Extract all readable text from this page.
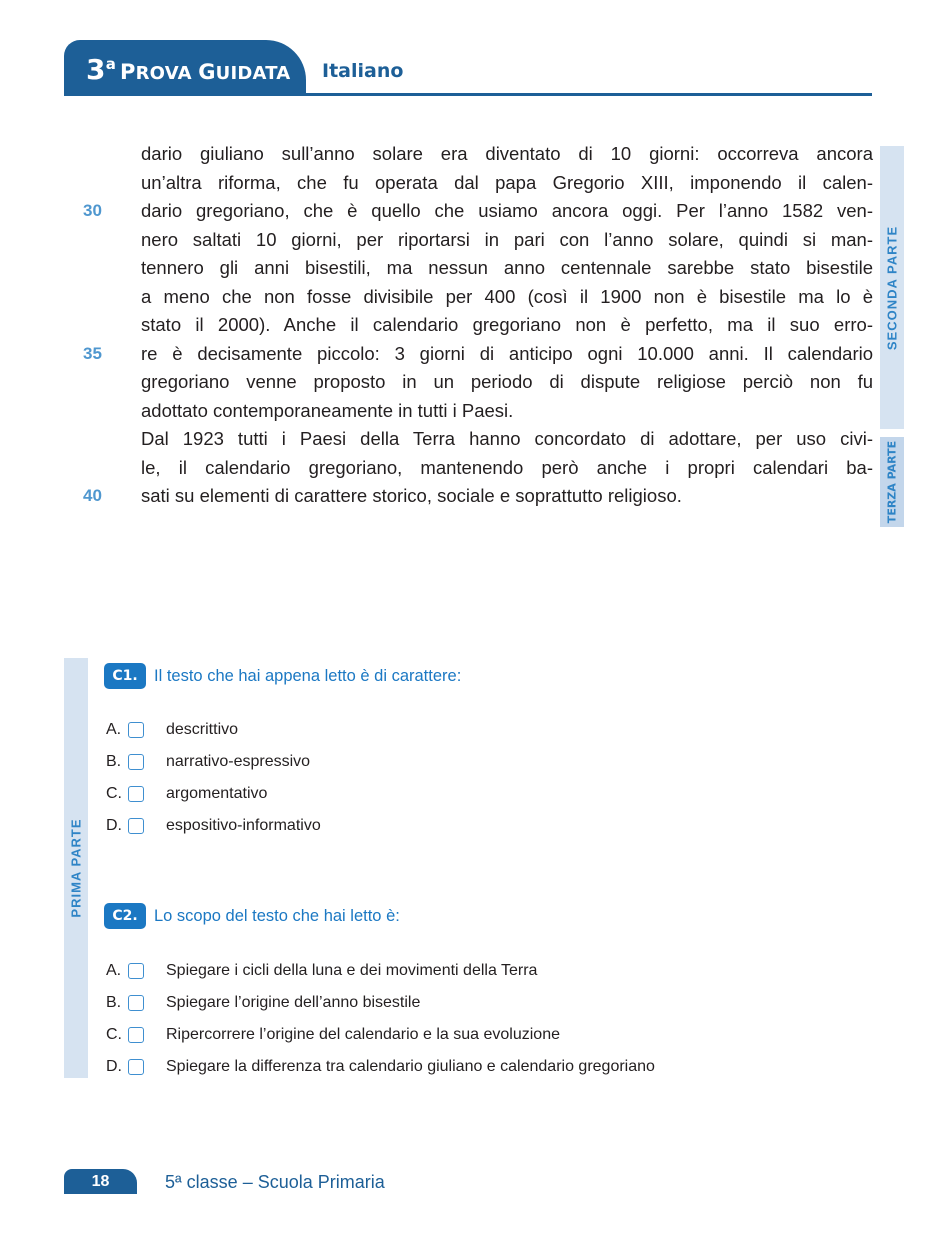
3$^a$ PROVA GUIDATA Italiano
SECONDA PARTE
TERZA PARTE
dario giuliano sull’anno solare era diventato di 10 giorni: occorreva ancora
un’altra riforma, che fu operata dal papa Gregorio XIII, imponendo il calen-
30 dario gregoriano, che è quello che usiamo ancora oggi. Per l’anno 1582 ven-
nero saltati 10 giorni, per riportarsi in pari con l’anno solare, quindi si man-
tennero gli anni bisestili, ma nessun anno centennale sarebbe stato bisestile
a meno che non fosse divisibile per 400 (così il 1900 non è bisestile ma lo è
stato il 2000). Anche il calendario gregoriano non è perfetto, ma il suo erro-
35 re è decisamente piccolo: 3 giorni di anticipo ogni 10.000 anni. Il calendario
gregoriano venne proposto in un periodo di dispute religiose perciò non fu
adottato contemporaneamente in tutti i Paesi.
Dal 1923 tutti i Paesi della Terra hanno concordato di adottare, per uso civi-
le, il calendario gregoriano, mantenendo però anche i propri calendari ba-
40 sati su elementi di carattere storico, sociale e soprattutto religioso.
PRIMA PARTE
C1. Il testo che hai appena letto è di carattere:
A.	descrittivo
B.	narrativo-espressivo
C.	argomentativo
D.	espositivo-informativo
C2. Lo scopo del testo che hai letto è:
A.	Spiegare i cicli della luna e dei movimenti della Terra
B.	Spiegare l’origine dell’anno bisestile
C.	Ripercorrere l’origine del calendario e la sua evoluzione
D.	Spiegare la differenza tra calendario giuliano e calendario gregoriano
18	5ª classe – Scuola Primaria
